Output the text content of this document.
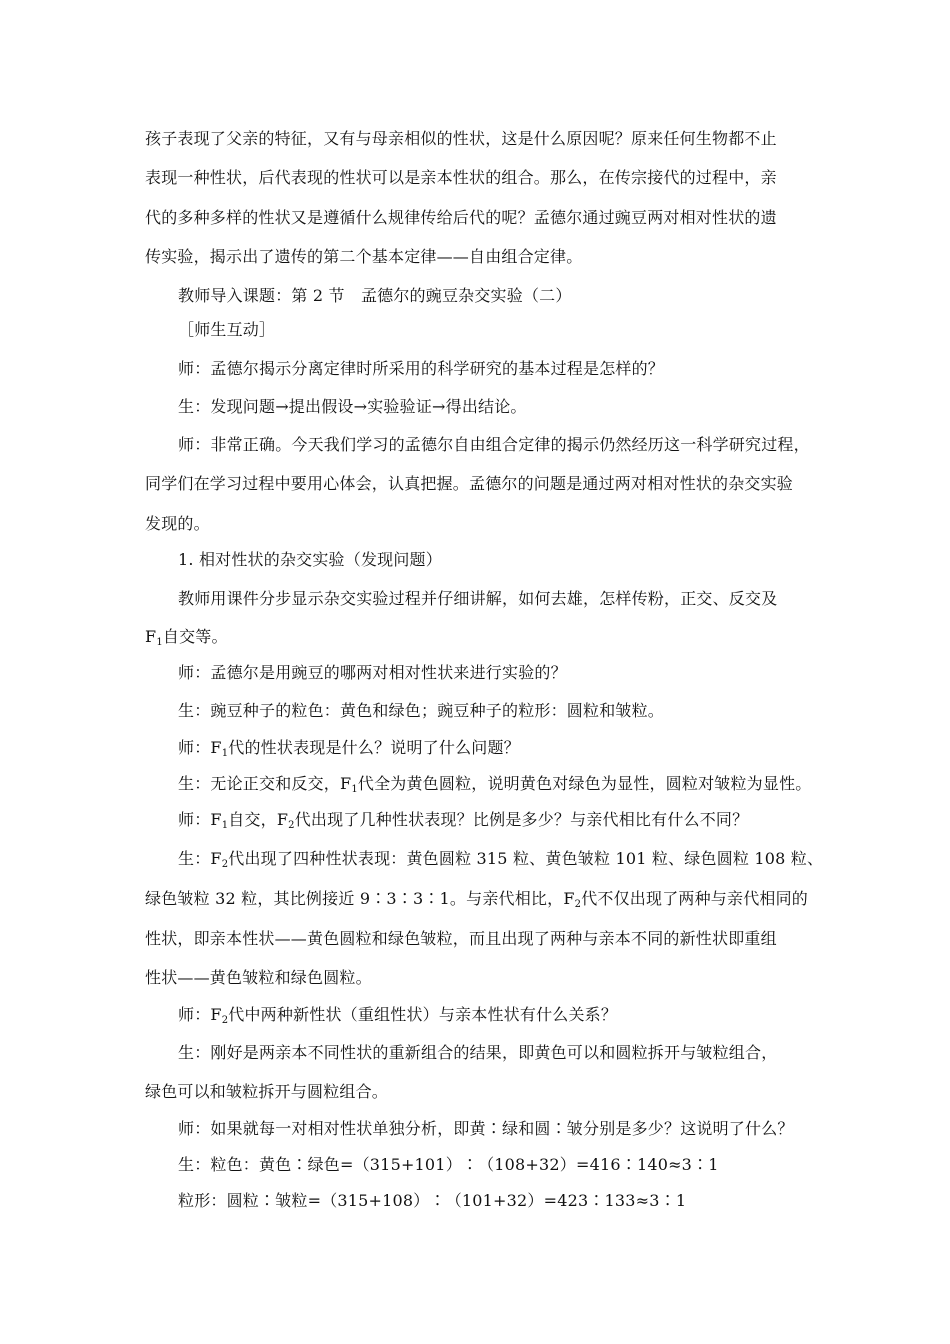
孩子表现了父亲的特征，又有与母亲相似的性状，这是什么原因呢？原来任何生物都不止
表现一种性状，后代表现的性状可以是亲本性状的组合。那么，在传宗接代的过程中，亲
代的多种多样的性状又是遵循什么规律传给后代的呢？孟德尔通过豌豆两对相对性状的遗
传实验，揭示出了遗传的第二个基本定律——自由组合定律。
教师导入课题：第 2 节　孟德尔的豌豆杂交实验（二）
［师生互动］
师：孟德尔揭示分离定律时所采用的科学研究的基本过程是怎样的？
生：发现问题→提出假设→实验验证→得出结论。
师：非常正确。今天我们学习的孟德尔自由组合定律的揭示仍然经历这一科学研究过程，
同学们在学习过程中要用心体会，认真把握。孟德尔的问题是通过两对相对性状的杂交实验
发现的。
1. 相对性状的杂交实验（发现问题）
教师用课件分步显示杂交实验过程并仔细讲解，如何去雄，怎样传粉，正交、反交及
$F_1$自交等。
师：孟德尔是用豌豆的哪两对相对性状来进行实验的？
生：豌豆种子的粒色：黄色和绿色；豌豆种子的粒形：圆粒和皱粒。
师：$F_1$代的性状表现是什么？说明了什么问题？
生：无论正交和反交，$F_1$代全为黄色圆粒，说明黄色对绿色为显性，圆粒对皱粒为显性。
师：$F_1$自交，$F_2$代出现了几种性状表现？比例是多少？与亲代相比有什么不同？
生：$F_2$代出现了四种性状表现：黄色圆粒 315 粒、黄色皱粒 101 粒、绿色圆粒 108 粒、
绿色皱粒 32 粒，其比例接近 9∶3∶3∶1。与亲代相比，$F_2$代不仅出现了两种与亲代相同的
性状，即亲本性状——黄色圆粒和绿色皱粒，而且出现了两种与亲本不同的新性状即重组
性状——黄色皱粒和绿色圆粒。
师：$F_2$代中两种新性状（重组性状）与亲本性状有什么关系？
生：刚好是两亲本不同性状的重新组合的结果，即黄色可以和圆粒拆开与皱粒组合，
绿色可以和皱粒拆开与圆粒组合。
师：如果就每一对相对性状单独分析，即黄∶绿和圆∶皱分别是多少？这说明了什么？
生：粒色：黄色∶绿色=（315+101）∶（108+32）=416∶140≈3∶1
粒形：圆粒∶皱粒=（315+108）∶（101+32）=423∶133≈3∶1
